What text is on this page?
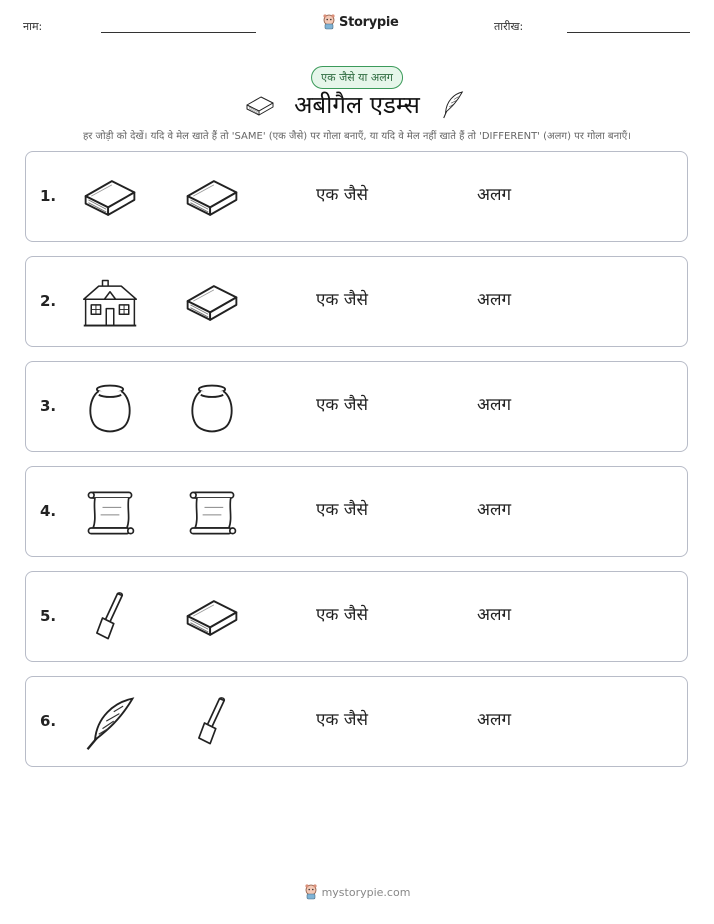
नाम:	Storypie	तारीख:
एक जैसे या अलग
अबीगैल एडम्स
हर जोड़ी को देखें। यदि वे मेल खाते हैं तो 'SAME' (एक जैसे) पर गोला बनाएँ, या यदि वे मेल नहीं खाते हैं तो 'DIFFERENT' (अलग) पर गोला बनाएँ।
1.	एक जैसे	अलग
2.	एक जैसे	अलग
3.	एक जैसे	अलग
4.	एक जैसे	अलग
5.	एक जैसे	अलग
6.	एक जैसे	अलग
mystorypie.com
